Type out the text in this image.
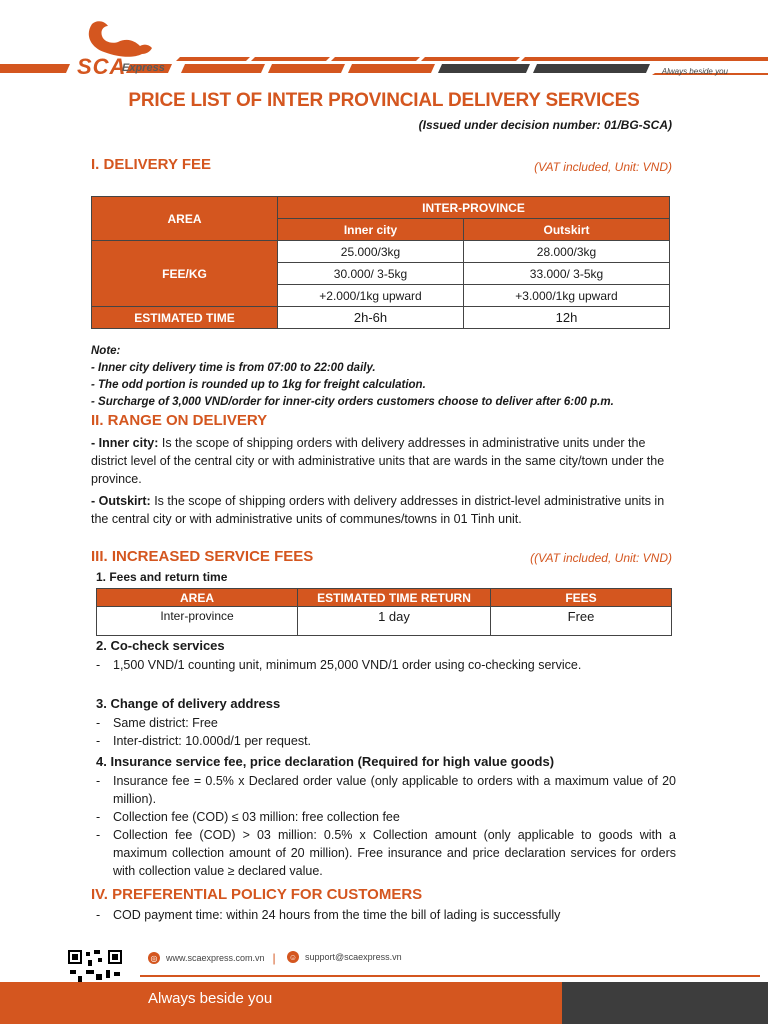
SCA
Express	Always beside you
PRICE LIST OF INTER PROVINCIAL DELIVERY SERVICES
(Issued under decision number: 01/BG-SCA)
I. DELIVERY FEE	(VAT included, Unit: VND)
AREA	INTER-PROVINCE	
	Inner city	Outskirt
FEE/KG	25.000/3kg	28.000/3kg
	30.000/ 3-5kg	33.000/ 3-5kg
	+2.000/1kg upward	+3.000/1kg upward
ESTIMATED TIME	2h-6h	12h
Note:
- Inner city delivery time is from 07:00 to 22:00 daily.
- The odd portion is rounded up to 1kg for freight calculation.
- Surcharge of 3,000 VND/order for inner-city orders customers choose to deliver after 6:00 p.m.
II. RANGE ON DELIVERY
- Inner city: Is the scope of shipping orders with delivery addresses in administrative units under the district level of the central city or with administrative units that are wards in the same city/town under the province.
- Outskirt: Is the scope of shipping orders with delivery addresses in district-level administrative units in the central city or with administrative units of communes/towns in 01 Tinh unit.
III. INCREASED SERVICE FEES	((VAT included, Unit: VND)
1. Fees and return time
AREA	ESTIMATED TIME RETURN	FEES
Inter-province	1 day	Free
2. Co-check services
-	1,500 VND/1 counting unit, minimum 25,000 VND/1 order using co-checking service.
3. Change of delivery address
-	Same district: Free
-	Inter-district: 10.000d/1 per request.
4. Insurance service fee, price declaration (Required for high value goods)
-	Insurance fee = 0.5% x Declared order value (only applicable to orders with a maximum value of 20 million).
-	Collection fee (COD) ≤ 03 million: free collection fee
-	Collection fee (COD) > 03 million: 0.5% x Collection amount (only applicable to goods with a maximum collection amount of 20 million). Free insurance and price declaration services for orders with collection value ≥ declared value.
IV. PREFERENTIAL POLICY FOR CUSTOMERS
-	COD payment time: within 24 hours from the time the bill of lading is successfully
◎ www.scaexpress.com.vn | ☺ support@scaexpress.vn
Always beside you
